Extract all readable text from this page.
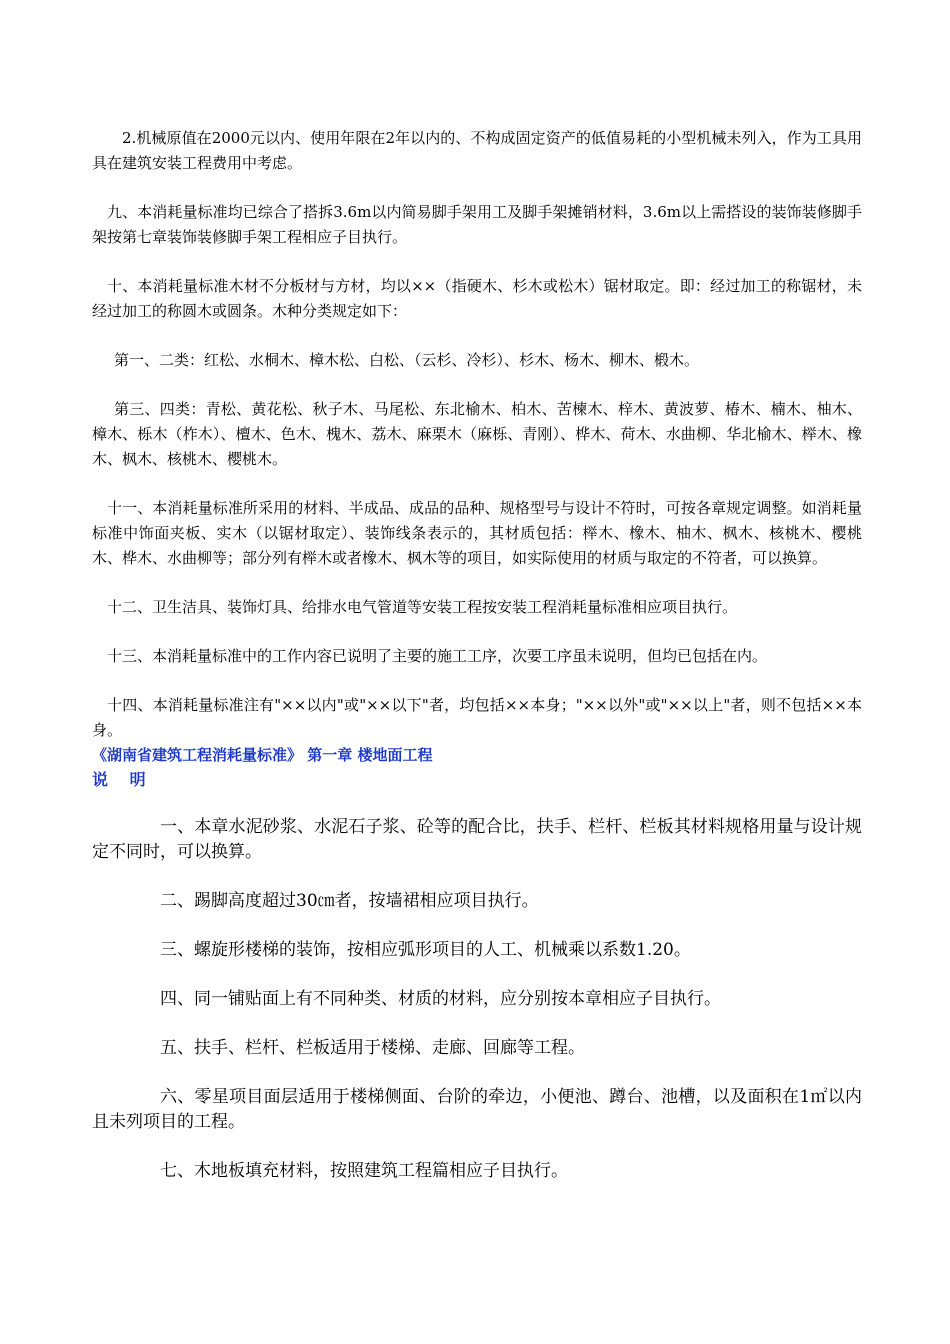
2.机械原值在2000元以内、使用年限在2年以内的、不构成固定资产的低值易耗的小型机械未列入，作为工具用具在建筑安装工程费用中考虑。

九、本消耗量标准均已综合了搭拆3.6m以内简易脚手架用工及脚手架摊销材料，3.6m以上需搭设的装饰装修脚手架按第七章装饰装修脚手架工程相应子目执行。

十、本消耗量标准木材不分板材与方材，均以××（指硬木、杉木或松木）锯材取定。即：经过加工的称锯材，未经过加工的称圆木或圆条。木种分类规定如下：

第一、二类：红松、水桐木、樟木松、白松、（云杉、冷杉）、杉木、杨木、柳木、椴木。

第三、四类：青松、黄花松、秋子木、马尾松、东北榆木、柏木、苦楝木、梓木、黄波萝、椿木、楠木、柚木、樟木、栎木（柞木）、檀木、色木、槐木、荔木、麻栗木（麻栎、青刚）、桦木、荷木、水曲柳、华北榆木、榉木、橡木、枫木、核桃木、樱桃木。

十一、本消耗量标准所采用的材料、半成品、成品的品种、规格型号与设计不符时，可按各章规定调整。如消耗量标准中饰面夹板、实木（以锯材取定）、装饰线条表示的，其材质包括：榉木、橡木、柚木、枫木、核桃木、樱桃木、桦木、水曲柳等；部分列有榉木或者橡木、枫木等的项目，如实际使用的材质与取定的不符者，可以换算。

十二、卫生洁具、装饰灯具、给排水电气管道等安装工程按安装工程消耗量标准相应项目执行。

十三、本消耗量标准中的工作内容已说明了主要的施工工序，次要工序虽未说明，但均已包括在内。

十四、本消耗量标准注有"××以内"或"××以下"者，均包括××本身；"××以外"或"××以上"者，则不包括××本身。

《湖南省建筑工程消耗量标准》 第一章 楼地面工程

说 明

一、本章水泥砂浆、水泥石子浆、砼等的配合比，扶手、栏杆、栏板其材料规格用量与设计规定不同时，可以换算。

二、踢脚高度超过30㎝者，按墙裙相应项目执行。

三、螺旋形楼梯的装饰，按相应弧形项目的人工、机械乘以系数1.20。

四、同一铺贴面上有不同种类、材质的材料，应分别按本章相应子目执行。

五、扶手、栏杆、栏板适用于楼梯、走廊、回廊等工程。

六、零星项目面层适用于楼梯侧面、台阶的牵边，小便池、蹲台、池槽，以及面积在1㎡以内且未列项目的工程。

七、木地板填充材料，按照建筑工程篇相应子目执行。
